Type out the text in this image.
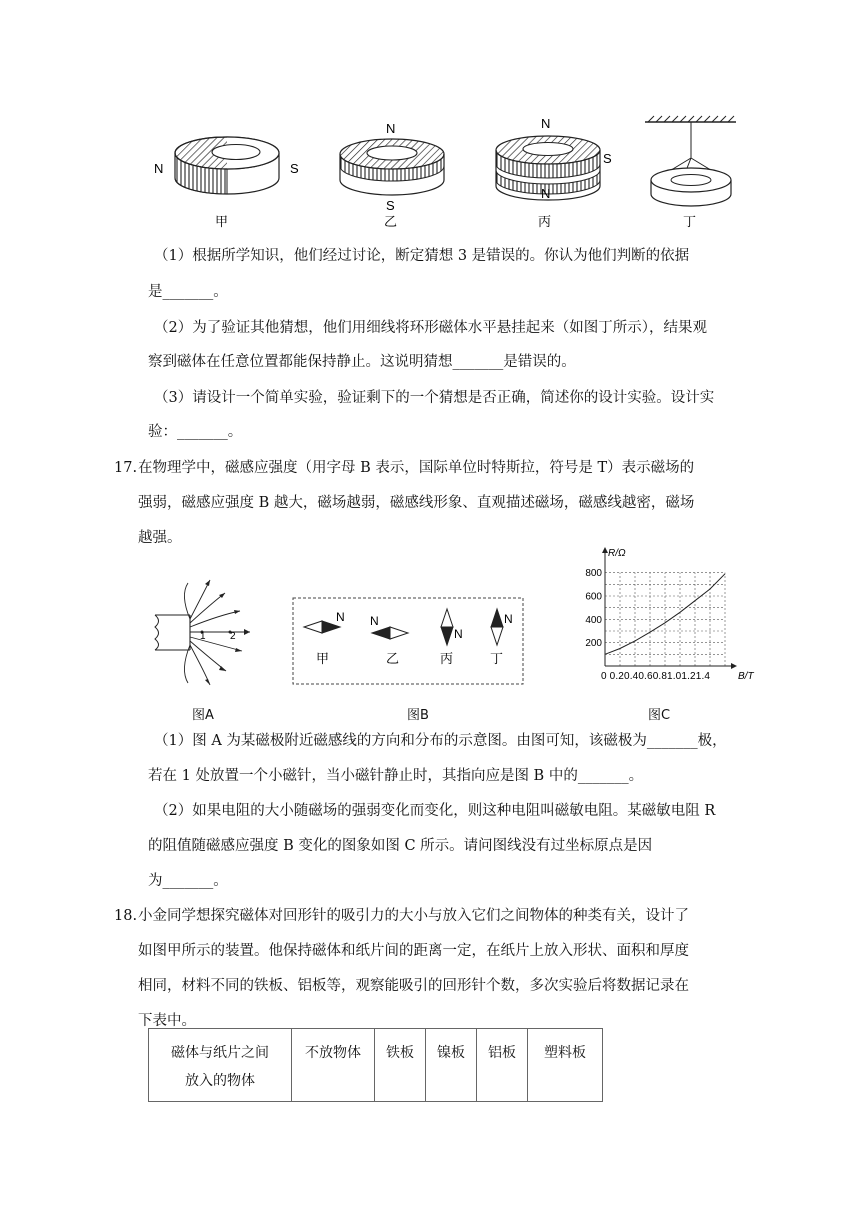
N	S
甲
N
S
乙
N
S
N
丙	丁
（1）根据所学知识，他们经过讨论，断定猜想 3 是错误的。你认为他们判断的依据
是_______。
（2）为了验证其他猜想，他们用细线将环形磁体水平悬挂起来（如图丁所示），结果观
察到磁体在任意位置都能保持静止。这说明猜想_______是错误的。
（3）请设计一个简单实验，验证剩下的一个猜想是否正确，简述你的设计实验。设计实
验：_______。
17. 在物理学中，磁感应强度（用字母 B 表示，国际单位时特斯拉，符号是 T）表示磁场的
强弱，磁感应强度 B 越大，磁场越弱，磁感线形象、直观描述磁场，磁感线越密，磁场
越强。
1 2
图A
N
甲
N
乙
N
丙
N
丁
图B
200
400
600
800
0 0.20.40.60.81.01.21.4
R/Ω
B/T
图C
（1）图 A 为某磁极附近磁感线的方向和分布的示意图。由图可知，该磁极为_______极，
若在 1 处放置一个小磁针，当小磁针静止时，其指向应是图 B 中的_______。
（2）如果电阻的大小随磁场的强弱变化而变化，则这种电阻叫磁敏电阻。某磁敏电阻 R
的阻值随磁感应强度 B 变化的图象如图 C 所示。请问图线没有过坐标原点是因
为_______。
18. 小金同学想探究磁体对回形针的吸引力的大小与放入它们之间物体的种类有关，设计了
如图甲所示的装置。他保持磁体和纸片间的距离一定，在纸片上放入形状、面积和厚度
相同，材料不同的铁板、铝板等，观察能吸引的回形针个数，多次实验后将数据记录在
下表中。
磁体与纸片之间
放入的物体	不放物体	铁板	镍板	铝板	塑料板
